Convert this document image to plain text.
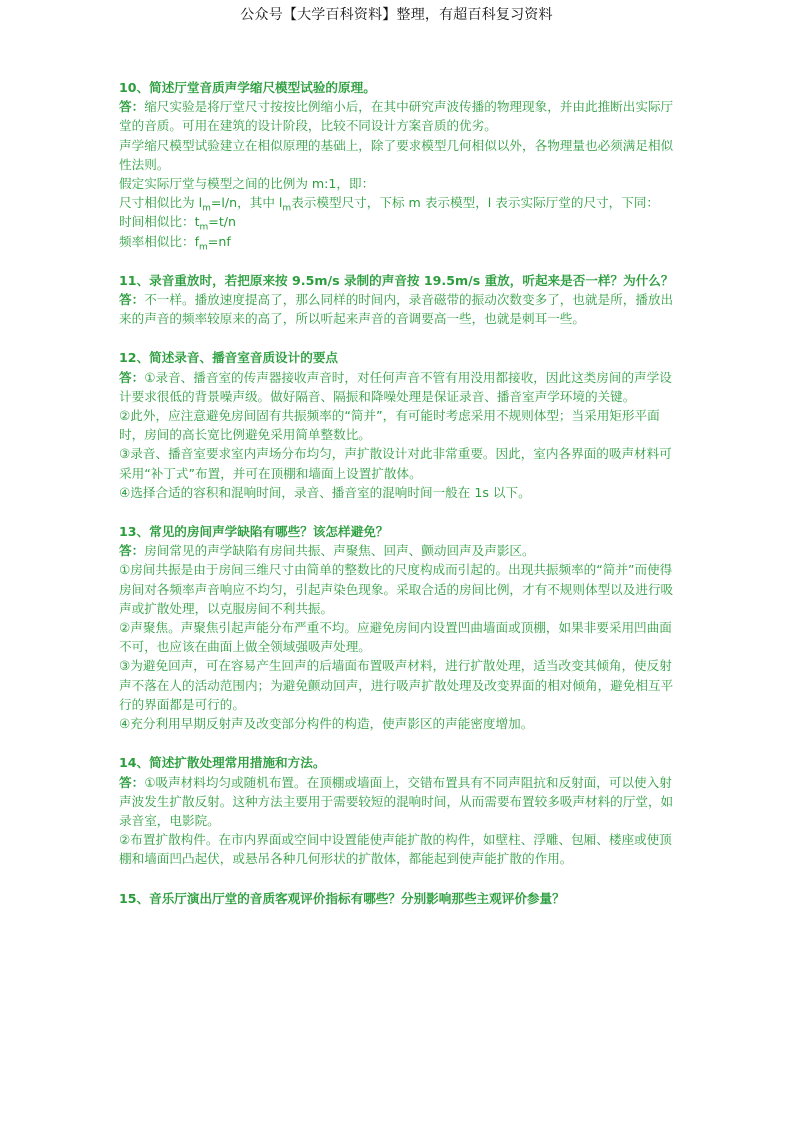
公众号【大学百科资料】整理，有超百科复习资料

10、简述厅堂音质声学缩尺模型试验的原理。

答：缩尺实验是将厅堂尺寸按按比例缩小后，在其中研究声波传播的物理现象，并由此推断出实际厅堂的音质。可用在建筑的设计阶段，比较不同设计方案音质的优劣。

声学缩尺模型试验建立在相似原理的基础上，除了要求模型几何相似以外，各物理量也必须满足相似性法则。

假定实际厅堂与模型之间的比例为 m:1，即：

尺寸相似比为 $l_m=l/n$，其中 $l_m$表示模型尺寸，下标 m 表示模型，l 表示实际厅堂的尺寸，下同：

时间相似比：$t_m=t/n$

频率相似比：$f_m=nf$

11、录音重放时，若把原来按 9.5m/s 录制的声音按 19.5m/s 重放，听起来是否一样？为什么？

答：不一样。播放速度提高了，那么同样的时间内，录音磁带的振动次数变多了，也就是所，播放出来的声音的频率较原来的高了，所以听起来声音的音调要高一些，也就是刺耳一些。

12、简述录音、播音室音质设计的要点

答：①录音、播音室的传声器接收声音时，对任何声音不管有用没用都接收，因此这类房间的声学设计要求很低的背景噪声级。做好隔音、隔振和降噪处理是保证录音、播音室声学环境的关键。

②此外，应注意避免房间固有共振频率的“简并”，有可能时考虑采用不规则体型；当采用矩形平面时，房间的高长宽比例避免采用简单整数比。

③录音、播音室要求室内声场分布均匀，声扩散设计对此非常重要。因此，室内各界面的吸声材料可采用“补丁式”布置，并可在顶棚和墙面上设置扩散体。

④选择合适的容积和混响时间，录音、播音室的混响时间一般在 1s 以下。

13、常见的房间声学缺陷有哪些？该怎样避免？

答：房间常见的声学缺陷有房间共振、声聚焦、回声、颤动回声及声影区。

①房间共振是由于房间三维尺寸由简单的整数比的尺度构成而引起的。出现共振频率的“简并”而使得房间对各频率声音响应不均匀，引起声染色现象。采取合适的房间比例，才有不规则体型以及进行吸声或扩散处理，以克服房间不利共振。

②声聚焦。声聚焦引起声能分布严重不均。应避免房间内设置凹曲墙面或顶棚，如果非要采用凹曲面不可，也应该在曲面上做全领域强吸声处理。

③为避免回声，可在容易产生回声的后墙面布置吸声材料，进行扩散处理，适当改变其倾角，使反射声不落在人的活动范围内；为避免颤动回声，进行吸声扩散处理及改变界面的相对倾角，避免相互平行的界面都是可行的。

④充分利用早期反射声及改变部分构件的构造，使声影区的声能密度增加。

14、简述扩散处理常用措施和方法。

答：①吸声材料均匀或随机布置。在顶棚或墙面上，交错布置具有不同声阻抗和反射面，可以使入射声波发生扩散反射。这种方法主要用于需要较短的混响时间，从而需要布置较多吸声材料的厅堂，如录音室，电影院。

②布置扩散构件。在市内界面或空间中设置能使声能扩散的构件，如壁柱、浮雕、包厢、楼座或使顶棚和墙面凹凸起伏，或悬吊各种几何形状的扩散体，都能起到使声能扩散的作用。

15、音乐厅演出厅堂的音质客观评价指标有哪些？分别影响那些主观评价参量？
